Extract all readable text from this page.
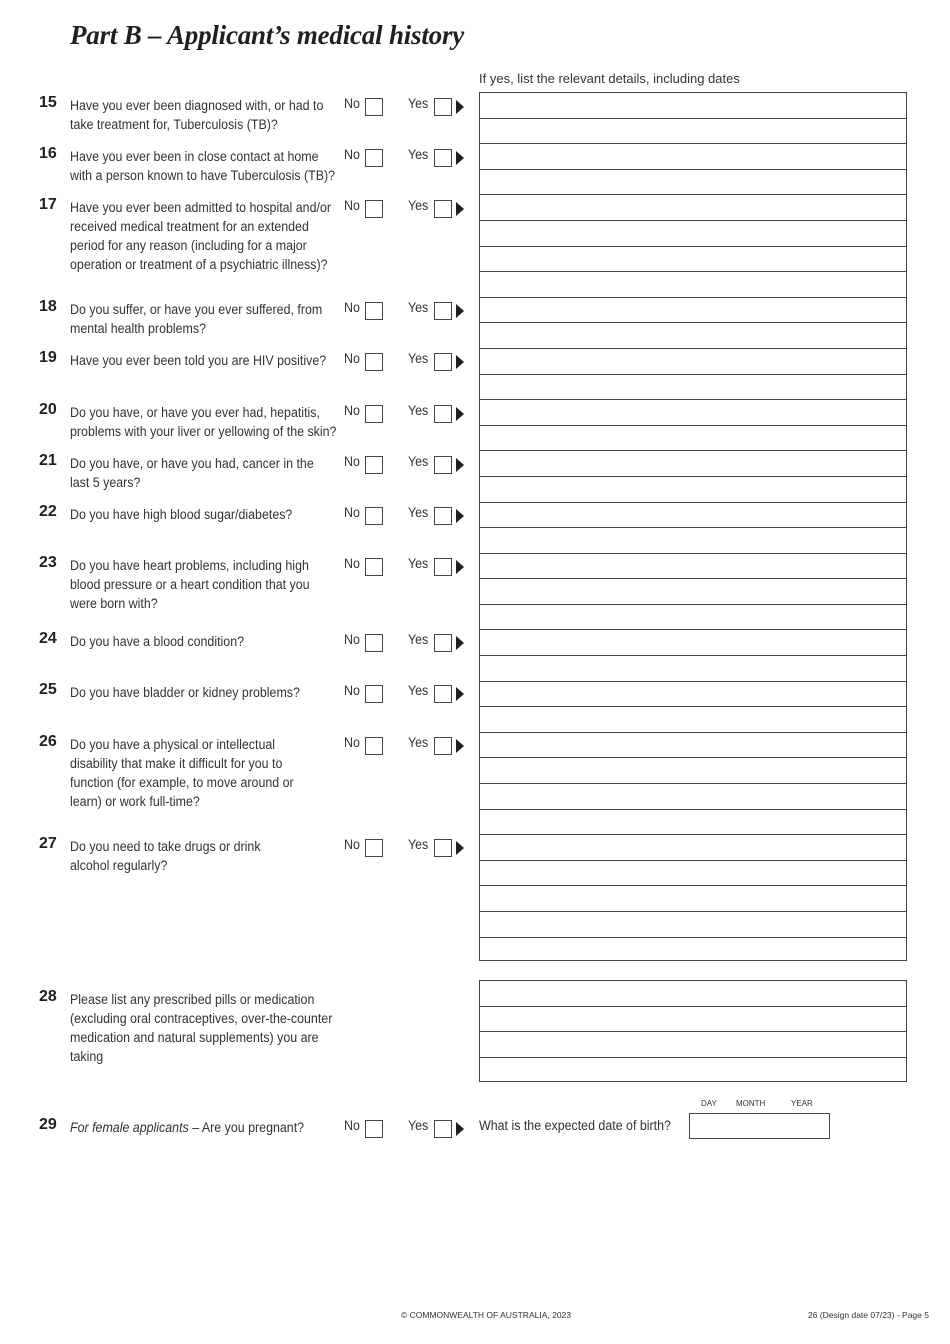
Part B – Applicant’s medical history
If yes, list the relevant details, including dates
15 Have you ever been diagnosed with, or had to take treatment for, Tuberculosis (TB)?
No	Yes
16 Have you ever been in close contact at home with a person known to have Tuberculosis (TB)?
No	Yes
17 Have you ever been admitted to hospital and/or received medical treatment for an extended period for any reason (including for a major operation or treatment of a psychiatric illness)?
No	Yes
18 Do you suffer, or have you ever suffered, from mental health problems?
No	Yes
19 Have you ever been told you are HIV positive?	No	Yes
20 Do you have, or have you ever had, hepatitis, problems with your liver or yellowing of the skin?
No	Yes
21 Do you have, or have you had, cancer in the last 5 years?
No	Yes
22 Do you have high blood sugar/diabetes?	No	Yes
23 Do you have heart problems, including high blood pressure or a heart condition that you were born with?
No	Yes
24 Do you have a blood condition?	No	Yes
25 Do you have bladder or kidney problems?	No	Yes
26 Do you have a physical or intellectual disability that make it difficult for you to function (for example, to move around or learn) or work full-time?
No	Yes
27 Do you need to take drugs or drink alcohol regularly?
No	Yes
28 Please list any prescribed pills or medication (excluding oral contraceptives, over-the-counter medication and natural supplements) you are taking
29 For female applicants – Are you pregnant?	No	Yes	What is the expected date of birth?
DAY MONTH	YEAR
© COMMONWEALTH OF AUSTRALIA, 2023	26 (Design date 07/23) - Page 5
